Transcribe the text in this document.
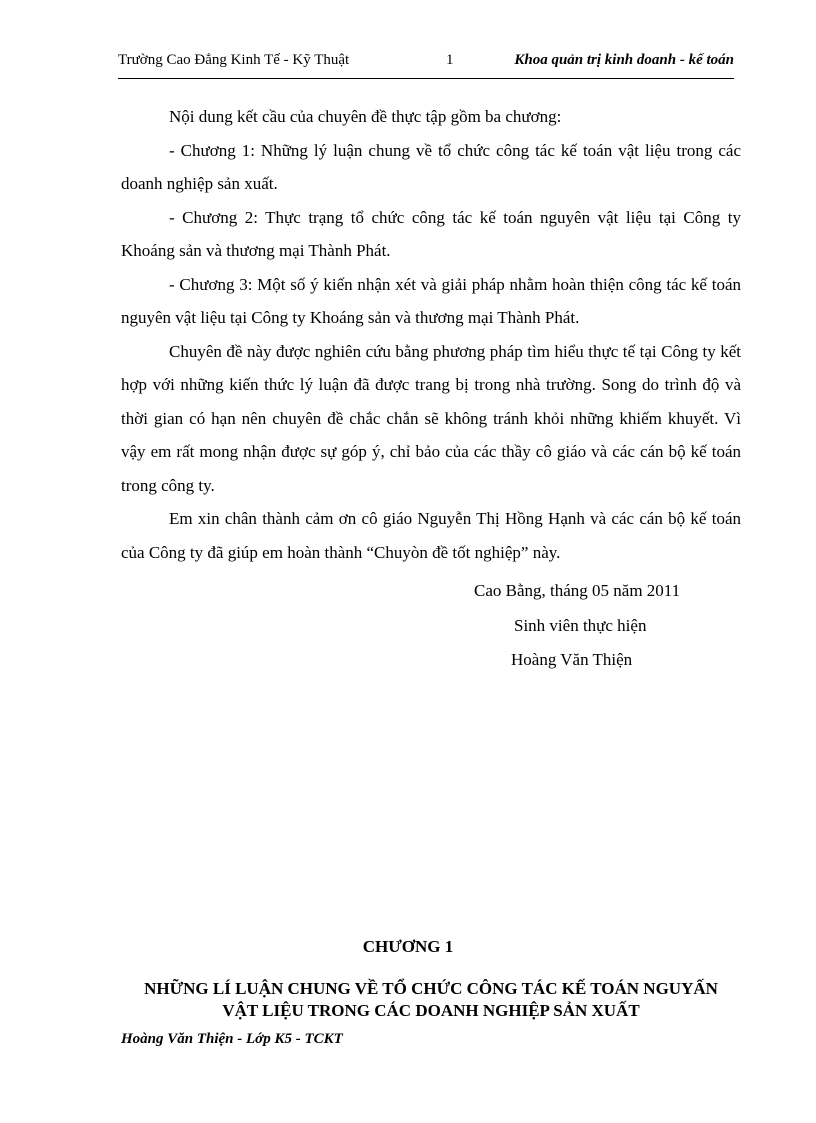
Trường Cao Đẳng Kinh Tế - Kỹ Thuật	1	Khoa quản trị kinh doanh - kế toán

Nội dung kết cầu của chuyên đề thực tập gồm ba chương:

- Chương 1: Những lý luận chung về tổ chức công tác kế toán vật liệu trong các doanh nghiệp sản xuất.

- Chương 2: Thực trạng tổ chức công tác kế toán nguyên vật liệu tại Công ty Khoáng sản và thương mại Thành Phát.

- Chương 3: Một số ý kiến nhận xét và giải pháp nhằm hoàn thiện công tác kế toán nguyên vật liệu tại Công ty Khoáng sản và thương mại Thành Phát.

Chuyên đề này được nghiên cứu bằng phương pháp tìm hiểu thực tế tại Công ty kết hợp với những kiến thức lý luận đã được trang bị trong nhà trường. Song do trình độ và thời gian có hạn nên chuyên đề chắc chắn sẽ không tránh khỏi những khiếm khuyết. Vì vậy em rất mong nhận được sự góp ý, chỉ bảo của các thầy cô giáo và các cán bộ kế toán trong công ty.

Em xin chân thành cảm ơn cô giáo Nguyễn Thị Hồng Hạnh và các cán bộ kế toán của Công ty đã giúp em hoàn thành “Chuyòn đề tốt nghiệp” này.

Cao Bằng, tháng 05 năm 2011
Sinh viên thực hiện
Hoàng Văn Thiện
CHƯƠNG 1
NHỮNG LÍ LUẬN CHUNG VỀ TỔ CHỨC CÔNG TÁC KẾ TOÁN NGUYẤN
VẬT LIỆU TRONG CÁC DOANH NGHIỆP SẢN XUẤT
Hoàng Văn Thiện - Lớp K5 - TCKT
